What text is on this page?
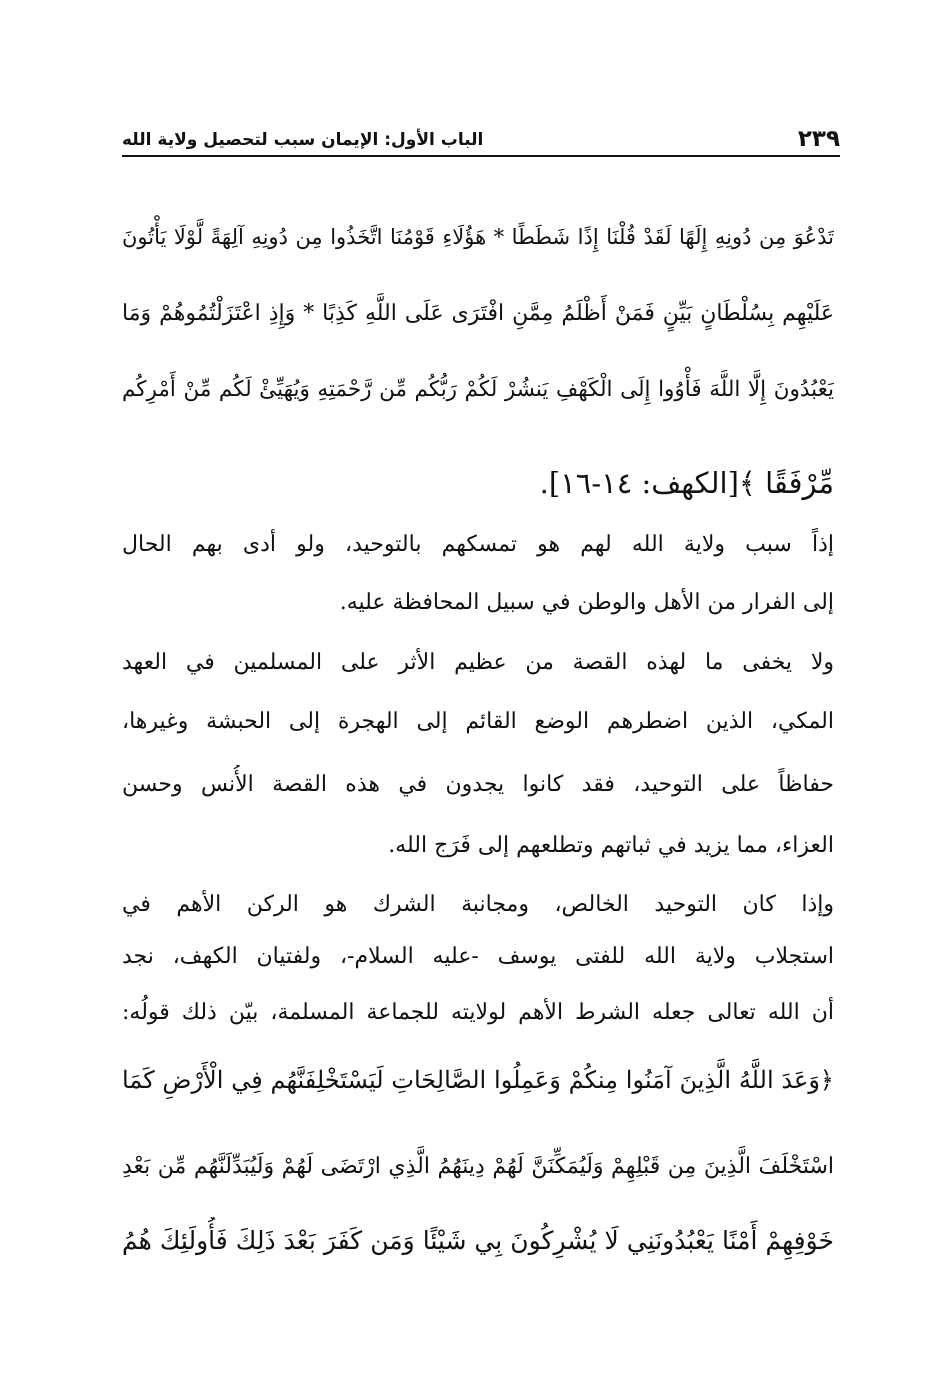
٢٣٩
الباب الأول: الإيمان سبب لتحصيل ولاية الله
تَدْعُوَ مِن دُونِهِ إِلَهًا لَقَدْ قُلْنَا إِذًا شَطَطًا * هَؤُلَاءِ قَوْمُنَا اتَّخَذُوا مِن دُونِهِ آلِهَةً لَّوْلَا يَأْتُونَ
عَلَيْهِم بِسُلْطَانٍ بَيِّنٍ فَمَنْ أَظْلَمُ مِمَّنِ افْتَرَى عَلَى اللَّهِ كَذِبًا * وَإِذِ اعْتَزَلْتُمُوهُمْ وَمَا
يَعْبُدُونَ إِلَّا اللَّهَ فَأْوُوا إِلَى الْكَهْفِ يَنشُرْ لَكُمْ رَبُّكُم مِّن رَّحْمَتِهِ وَيُهَيِّئْ لَكُم مِّنْ أَمْرِكُم
مِّرْفَقًا ﴾[الكهف: ١٤-١٦].
إذاً سبب ولاية الله لهم هو تمسكهم بالتوحيد، ولو أدى بهم الحال
إلى الفرار من الأهل والوطن في سبيل المحافظة عليه.
ولا يخفى ما لهذه القصة من عظيم الأثر على المسلمين في العهد
المكي، الذين اضطرهم الوضع القائم إلى الهجرة إلى الحبشة وغيرها،
حفاظاً على التوحيد، فقد كانوا يجدون في هذه القصة الأُنس وحسن
العزاء، مما يزيد في ثباتهم وتطلعهم إلى فَرَج الله.
وإذا كان التوحيد الخالص، ومجانبة الشرك هو الركن الأهم في
استجلاب ولاية الله للفتى يوسف -عليه السلام-، ولفتيان الكهف، نجد
أن الله تعالى جعله الشرط الأهم لولايته للجماعة المسلمة، بيّن ذلك قولُه:
﴿وَعَدَ اللَّهُ الَّذِينَ آمَنُوا مِنكُمْ وَعَمِلُوا الصَّالِحَاتِ لَيَسْتَخْلِفَنَّهُم فِي الْأَرْضِ كَمَا
اسْتَخْلَفَ الَّذِينَ مِن قَبْلِهِمْ وَلَيُمَكِّنَنَّ لَهُمْ دِينَهُمُ الَّذِي ارْتَضَى لَهُمْ وَلَيُبَدِّلَنَّهُم مِّن بَعْدِ
خَوْفِهِمْ أَمْنًا يَعْبُدُونَنِي لَا يُشْرِكُونَ بِي شَيْئًا وَمَن كَفَرَ بَعْدَ ذَلِكَ فَأُولَئِكَ هُمُ
